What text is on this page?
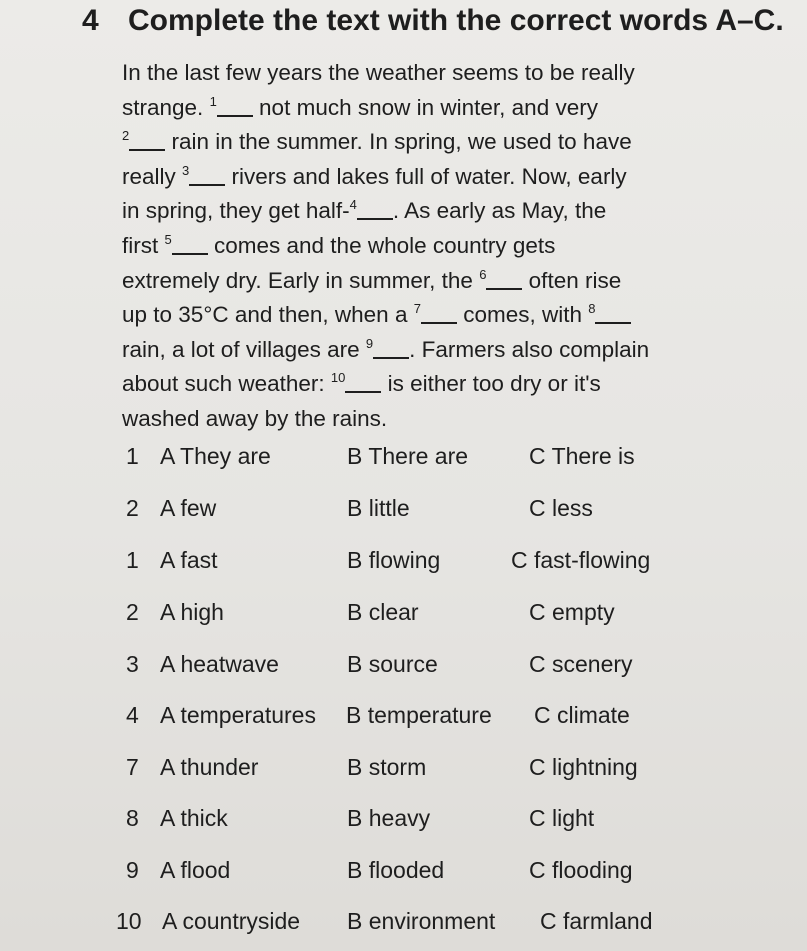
4 Complete the text with the correct words A–C.
In the last few years the weather seems to be really
strange. $^1$ not much snow in winter, and very
$^2$ rain in the summer. In spring, we used to have
really $^3$ rivers and lakes full of water. Now, early
in spring, they get half-$^4$ . As early as May, the
first $^5$ comes and the whole country gets
extremely dry. Early in summer, the $^6$ often rise
up to 35°C and then, when a $^7$ comes, with $^8$
rain, a lot of villages are $^9$ . Farmers also complain
about such weather: $^{10}$ is either too dry or it's
washed away by the rains.
1 A They are	B There are	C There is
2 A few	B little	C less
1 A fast	B flowing	C fast-flowing
2 A high	B clear	C empty
3 A heatwave	B source	C scenery
4 A temperatures B temperature C climate
7 A thunder	B storm	C lightning
8 A thick	B heavy	C light
9 A flood	B flooded	C flooding
10 A countryside B environment C farmland
